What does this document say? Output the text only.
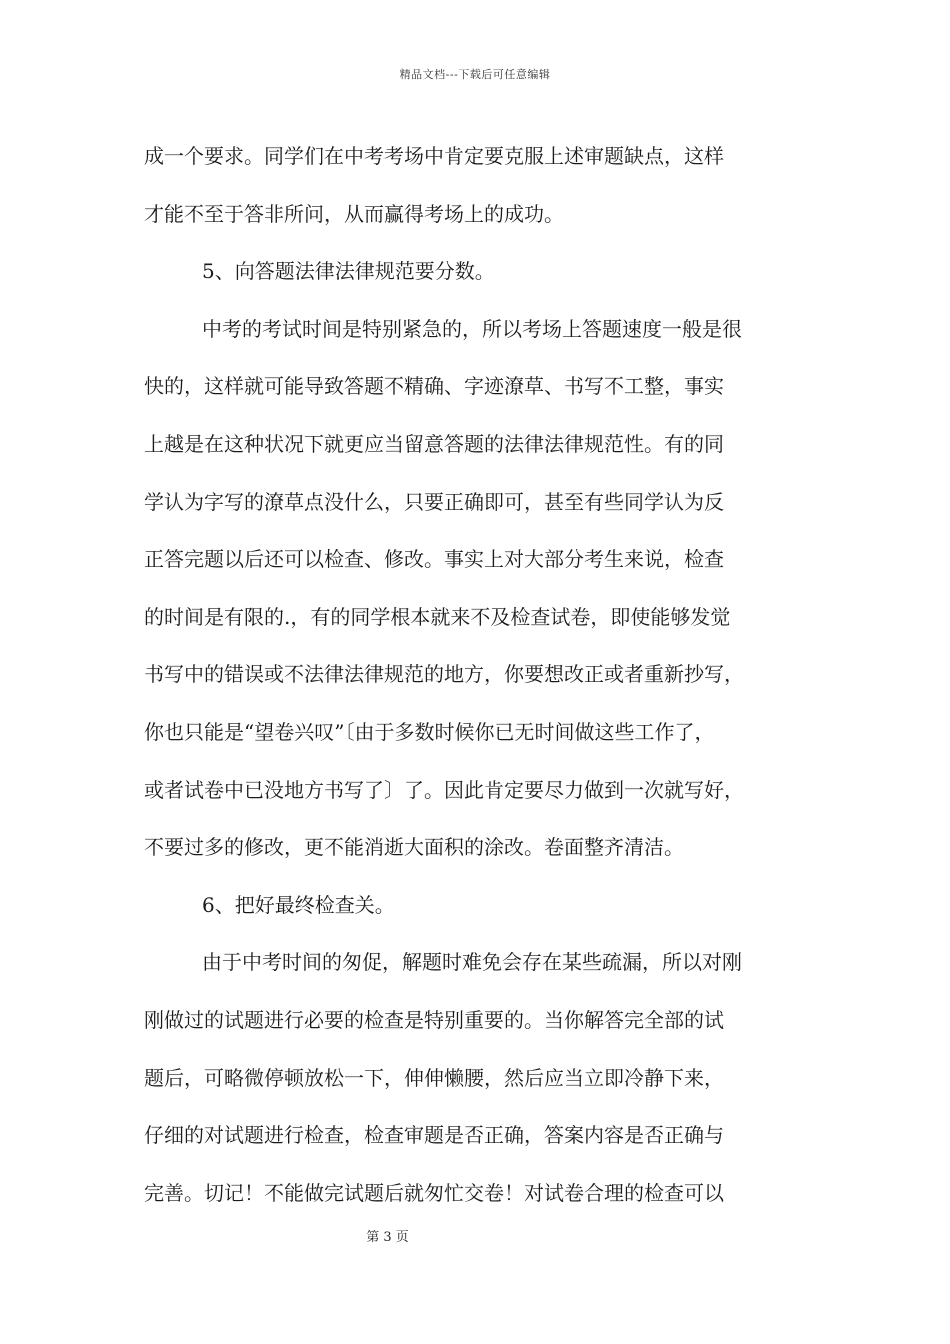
精品文档---下载后可任意编辑
成一个要求。同学们在中考考场中肯定要克服上述审题缺点，这样
才能不至于答非所问，从而赢得考场上的成功。
5、向答题法律法律规范要分数。
中考的考试时间是特别紧急的，所以考场上答题速度一般是很
快的，这样就可能导致答题不精确、字迹潦草、书写不工整，事实
上越是在这种状况下就更应当留意答题的法律法律规范性。有的同
学认为字写的潦草点没什么，只要正确即可，甚至有些同学认为反
正答完题以后还可以检查、修改。事实上对大部分考生来说，检查
的时间是有限的.，有的同学根本就来不及检查试卷，即使能够发觉
书写中的错误或不法律法律规范的地方，你要想改正或者重新抄写，
你也只能是“望卷兴叹”〔由于多数时候你已无时间做这些工作了，
或者试卷中已没地方书写了〕了。因此肯定要尽力做到一次就写好，
不要过多的修改，更不能消逝大面积的涂改。卷面整齐清洁。
6、把好最终检查关。
由于中考时间的匆促，解题时难免会存在某些疏漏，所以对刚
刚做过的试题进行必要的检查是特别重要的。当你解答完全部的试
题后，可略微停顿放松一下，伸伸懒腰，然后应当立即冷静下来，
仔细的对试题进行检查，检查审题是否正确，答案内容是否正确与
完善。切记！不能做完试题后就匆忙交卷！对试卷合理的检查可以
第 3 页
